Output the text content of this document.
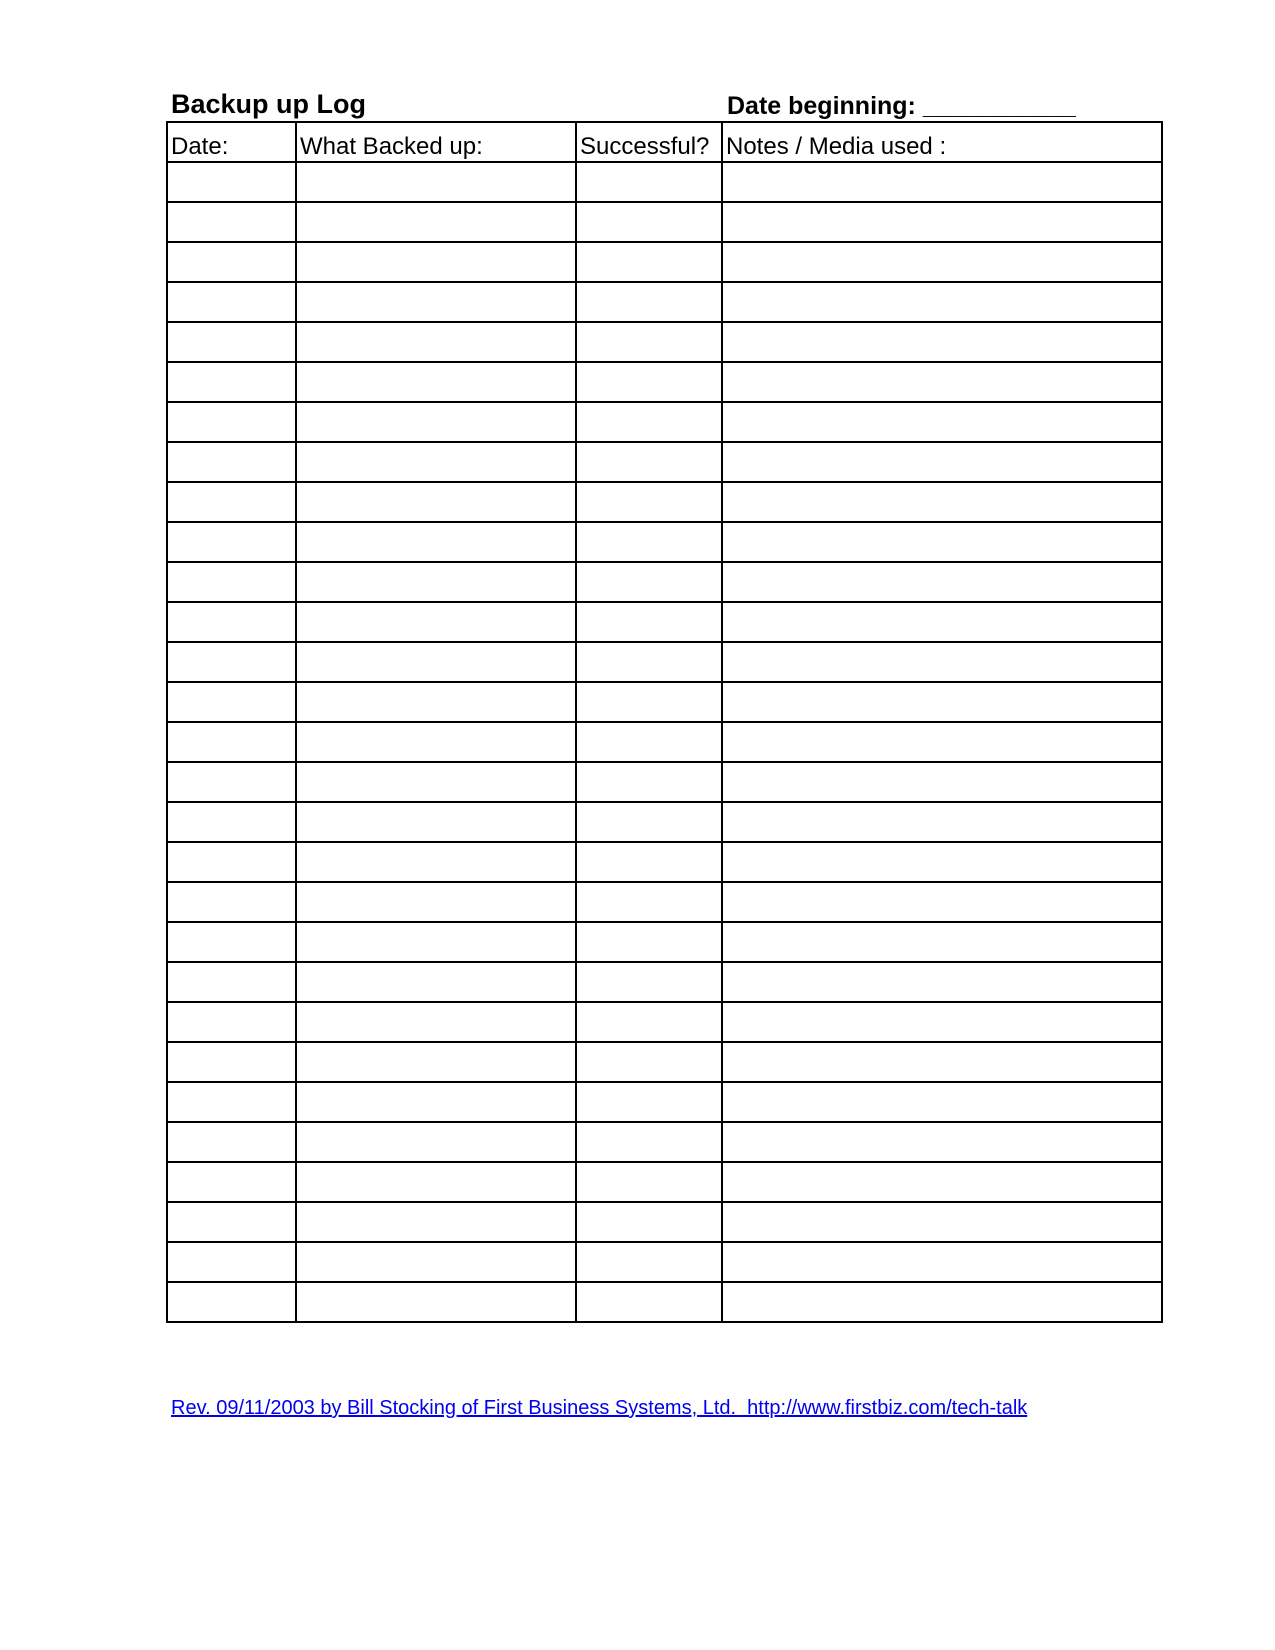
Backup up Log	Date beginning: ___________
Date:	What Backed up:	Successful?	Notes / Media used :

Rev. 09/11/2003 by Bill Stocking of First Business Systems, Ltd.  http://www.firstbiz.com/tech-talk
